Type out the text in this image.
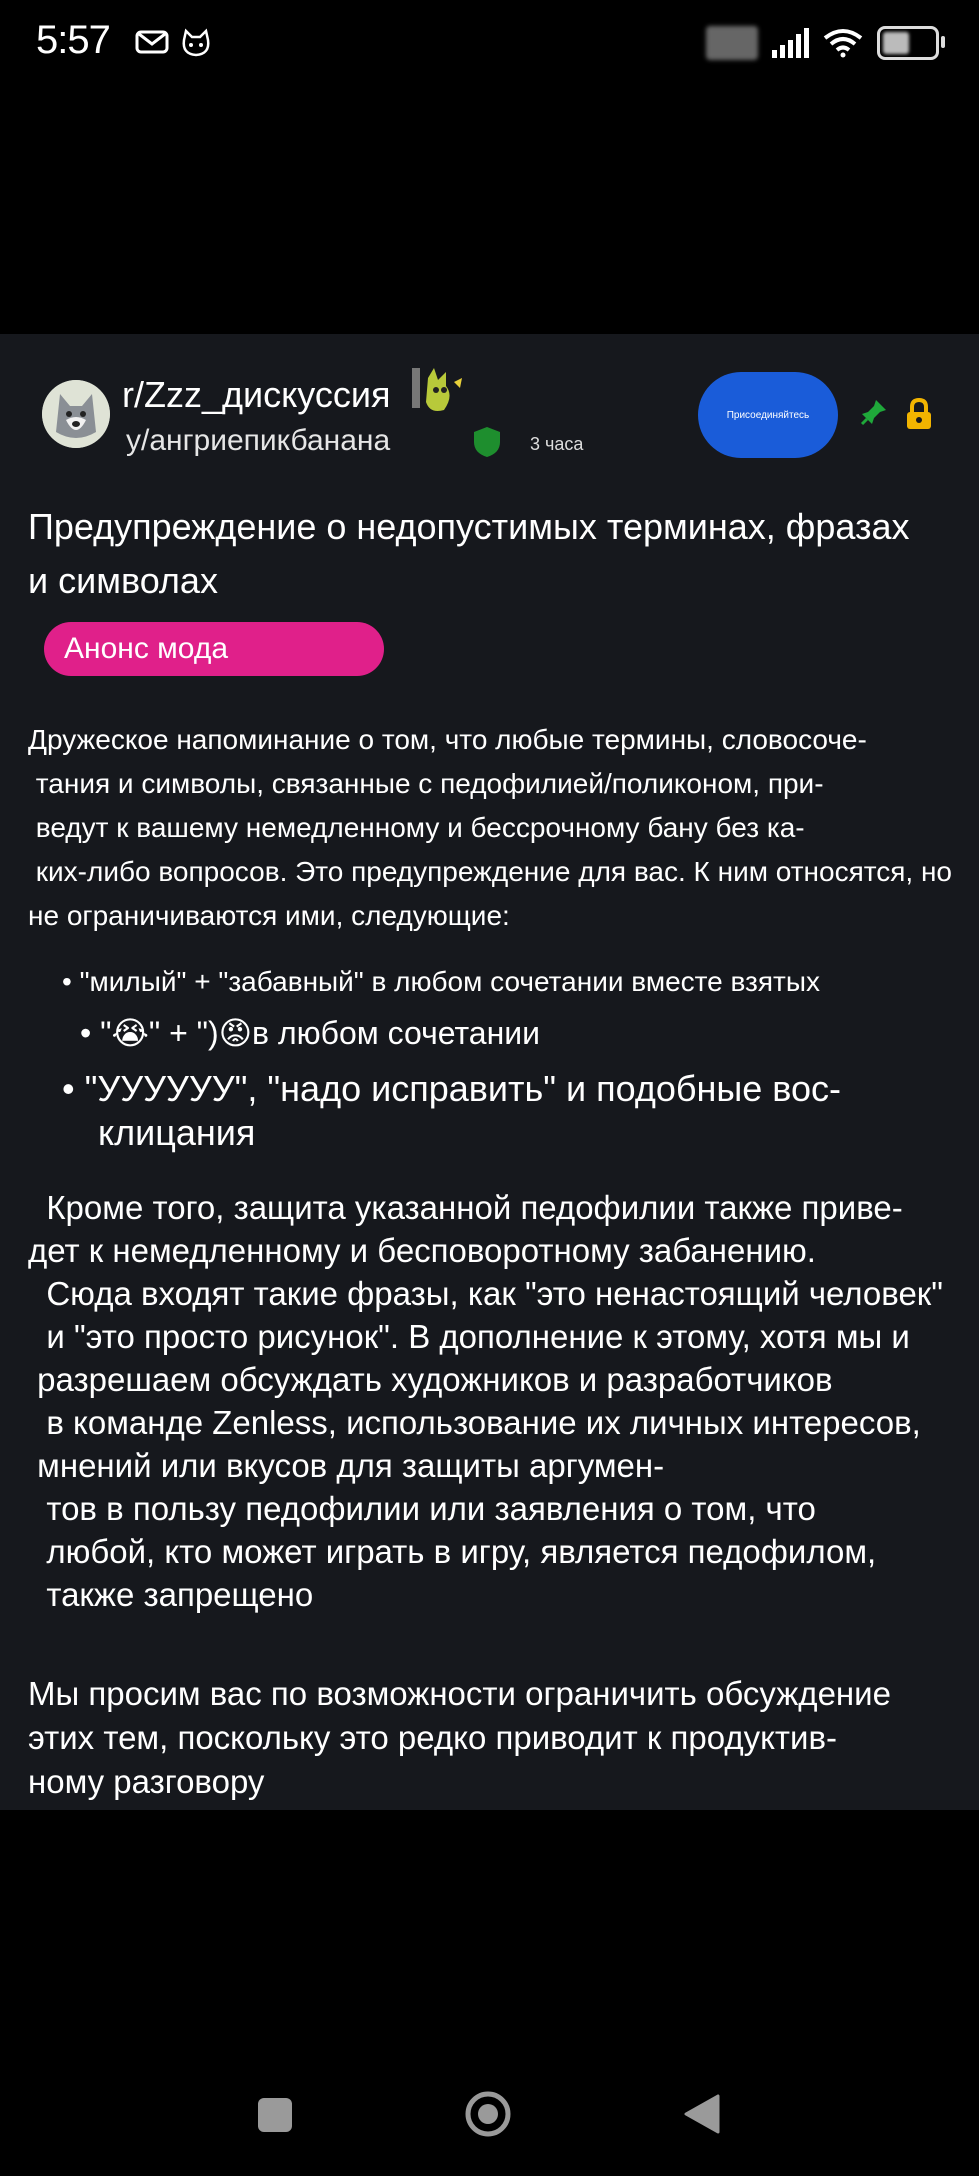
5:57
r/Zzz_дискуссия
у/ангриепикбанана	3 часа
Присоединяйтесь
Предупреждение о недопустимых терминах, фразах и символах
Анонс мода
Дружеское напоминание о том, что любые термины, словосоче-
тания и символы, связанные с педофилией/поликоном, при-
ведут к вашему немедленному и бессрочному бану без ка-
ких-либо вопросов. Это предупреждение для вас. К ним относятся, но
не ограничиваются ими, следующие:
• "милый" + "забавный" в любом сочетании вместе взятых
• "😭" + ")😡в любом сочетании
• "УУУУУУ", "надо исправить" и подобные вос-
клицания
Кроме того, защита указанной педофилии также приве-
дет к немедленному и бесповоротному забанению.
Сюда входят такие фразы, как "это ненастоящий человек"
и "это просто рисунок". В дополнение к этому, хотя мы и
разрешаем обсуждать художников и разработчиков
в команде Zenless, использование их личных интересов,
мнений или вкусов для защиты аргумен-
тов в пользу педофилии или заявления о том, что
любой, кто может играть в игру, является педофилом,
также запрещено
Мы просим вас по возможности ограничить обсуждение
этих тем, поскольку это редко приводит к продуктив-
ному разговору
